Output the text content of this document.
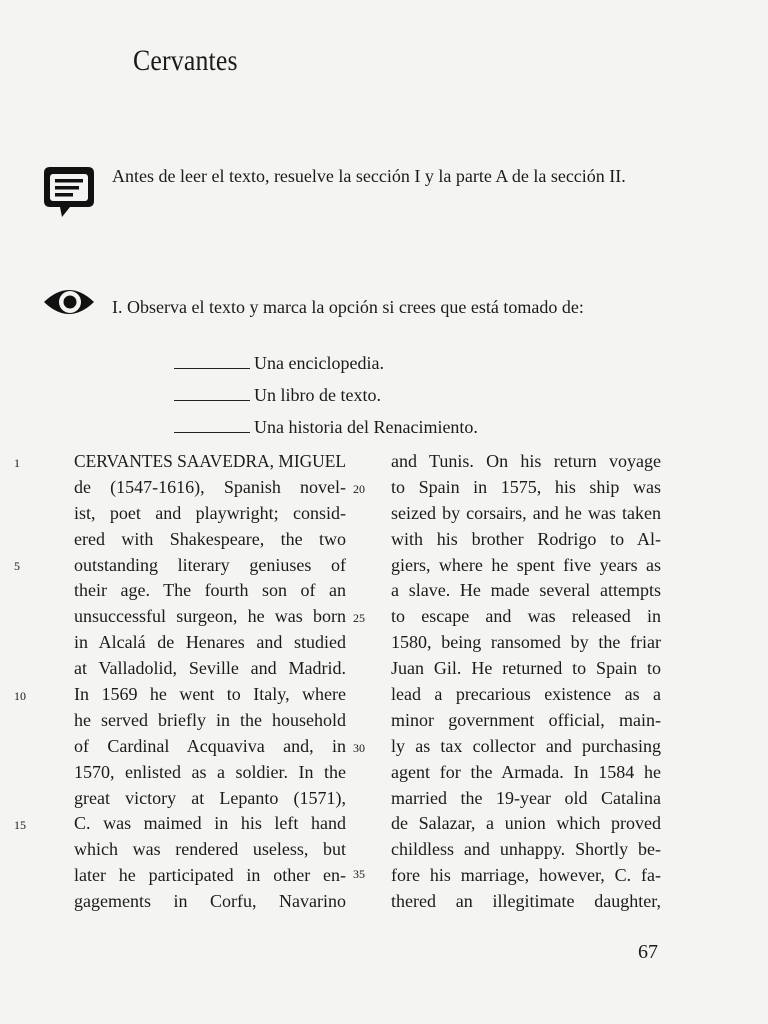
Cervantes
Antes de leer el texto, resuelve la sección I y la parte A de la sección II.
I. Observa el texto y marca la opción si crees que está tomado de:
Una enciclopedia.
Un libro de texto.
Una historia del Renacimiento.
1
5
10
15
20
25
30
35
CERVANTES SAAVEDRA, MIGUEL
de (1547-1616), Spanish novel-
ist, poet and playwright; consid-
ered with Shakespeare, the two
outstanding literary geniuses of
their age. The fourth son of an
unsuccessful surgeon, he was born
in Alcalá de Henares and studied
at Valladolid, Seville and Madrid.
In 1569 he went to Italy, where
he served briefly in the household
of Cardinal Acquaviva and, in
1570, enlisted as a soldier. In the
great victory at Lepanto (1571),
C. was maimed in his left hand
which was rendered useless, but
later he participated in other en-
gagements in Corfu, Navarino
and Tunis. On his return voyage
to Spain in 1575, his ship was
seized by corsairs, and he was taken
with his brother Rodrigo to Al-
giers, where he spent five years as
a slave. He made several attempts
to escape and was released in
1580, being ransomed by the friar
Juan Gil. He returned to Spain to
lead a precarious existence as a
minor government official, main-
ly as tax collector and purchasing
agent for the Armada. In 1584 he
married the 19-year old Catalina
de Salazar, a union which proved
childless and unhappy. Shortly be-
fore his marriage, however, C. fa-
thered an illegitimate daughter,
67
